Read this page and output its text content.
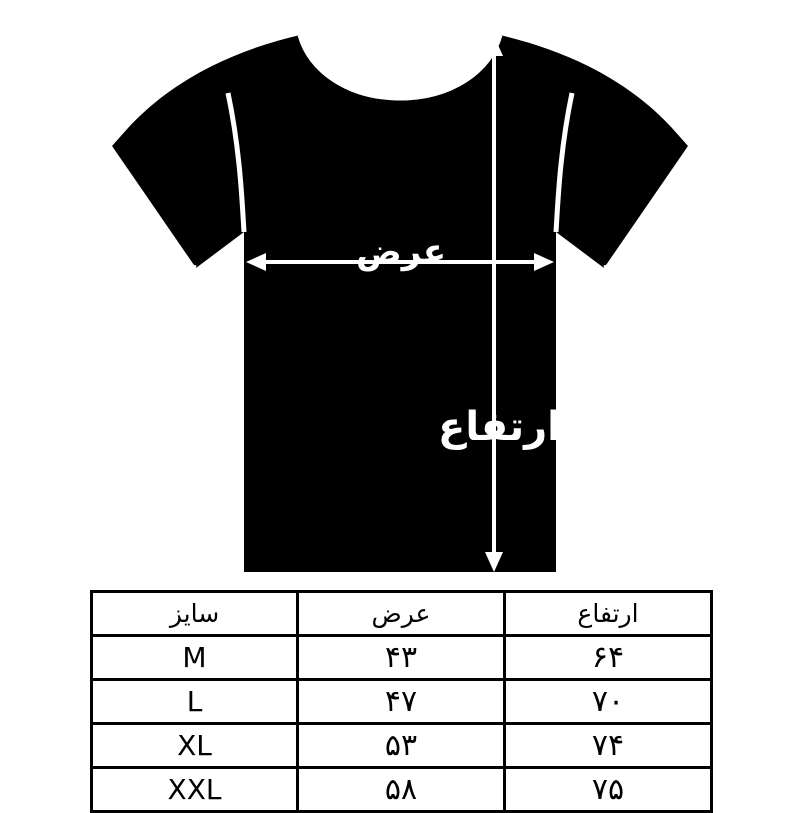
عرض
ارتفاع
سایز	عرض	ارتفاع
M	۴۳	۶۴
L	۴۷	۷۰
XL	۵۳	۷۴
XXL	۵۸	۷۵
